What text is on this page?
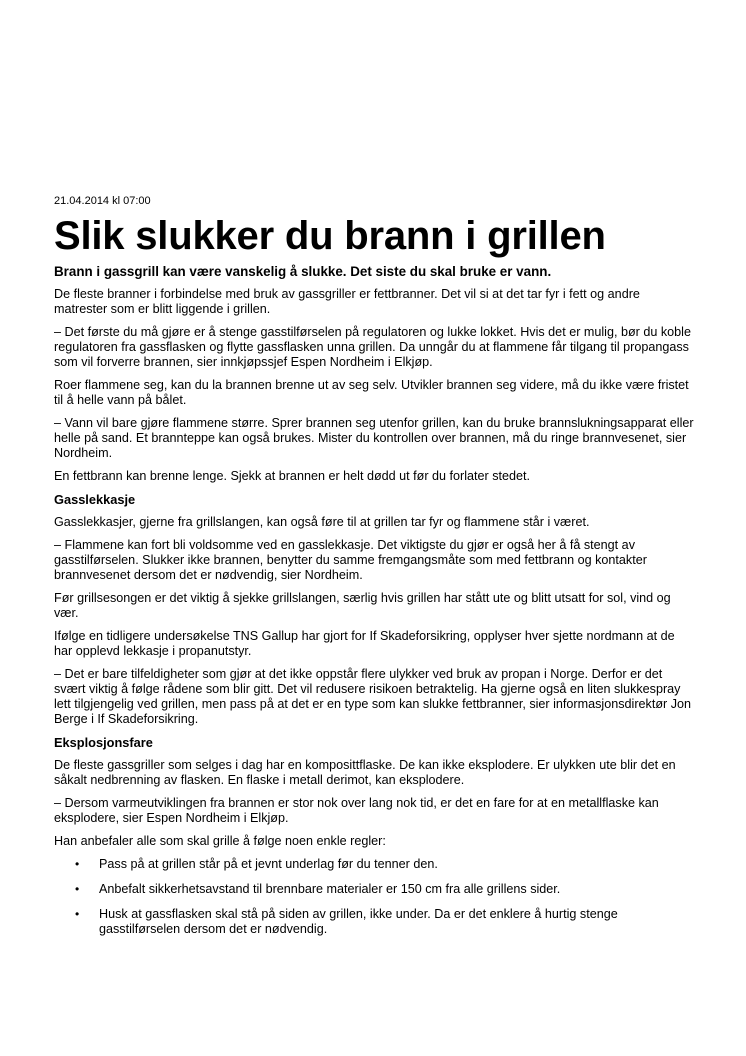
21.04.2014 kl 07:00

Slik slukker du brann i grillen

Brann i gassgrill kan være vanskelig å slukke. Det siste du skal bruke er vann.

De fleste branner i forbindelse med bruk av gassgriller er fettbranner. Det vil si at det tar fyr i fett og andre matrester som er blitt liggende i grillen.

– Det første du må gjøre er å stenge gasstilførselen på regulatoren og lukke lokket. Hvis det er mulig, bør du koble regulatoren fra gassflasken og flytte gassflasken unna grillen. Da unngår du at flammene får tilgang til propangass som vil forverre brannen, sier innkjøpssjef Espen Nordheim i Elkjøp.

Roer flammene seg, kan du la brannen brenne ut av seg selv. Utvikler brannen seg videre, må du ikke være fristet til å helle vann på bålet.

– Vann vil bare gjøre flammene større. Sprer brannen seg utenfor grillen, kan du bruke brannslukningsapparat eller helle på sand. Et brannteppe kan også brukes. Mister du kontrollen over brannen, må du ringe brannvesenet, sier Nordheim.

En fettbrann kan brenne lenge. Sjekk at brannen er helt dødd ut før du forlater stedet.

Gasslekkasje

Gasslekkasjer, gjerne fra grillslangen, kan også føre til at grillen tar fyr og flammene står i været.

– Flammene kan fort bli voldsomme ved en gasslekkasje. Det viktigste du gjør er også her å få stengt av gasstilførselen. Slukker ikke brannen, benytter du samme fremgangsmåte som med fettbrann og kontakter brannvesenet dersom det er nødvendig, sier Nordheim.

Før grillsesongen er det viktig å sjekke grillslangen, særlig hvis grillen har stått ute og blitt utsatt for sol, vind og vær.

Ifølge en tidligere undersøkelse TNS Gallup har gjort for If Skadeforsikring, opplyser hver sjette nordmann at de har opplevd lekkasje i propanutstyr.

– Det er bare tilfeldigheter som gjør at det ikke oppstår flere ulykker ved bruk av propan i Norge. Derfor er det svært viktig å følge rådene som blir gitt. Det vil redusere risikoen betraktelig. Ha gjerne også en liten slukkespray lett tilgjengelig ved grillen, men pass på at det er en type som kan slukke fettbranner, sier informasjonsdirektør Jon Berge i If Skadeforsikring.

Eksplosjonsfare

De fleste gassgriller som selges i dag har en komposittflaske. De kan ikke eksplodere. Er ulykken ute blir det en såkalt nedbrenning av flasken. En flaske i metall derimot, kan eksplodere.

– Dersom varmeutviklingen fra brannen er stor nok over lang nok tid, er det en fare for at en metallflaske kan eksplodere, sier Espen Nordheim i Elkjøp.

Han anbefaler alle som skal grille å følge noen enkle regler:

• Pass på at grillen står på et jevnt underlag før du tenner den.
• Anbefalt sikkerhetsavstand til brennbare materialer er 150 cm fra alle grillens sider.
• Husk at gassflasken skal stå på siden av grillen, ikke under. Da er det enklere å hurtig stenge gasstilførselen dersom det er nødvendig.
